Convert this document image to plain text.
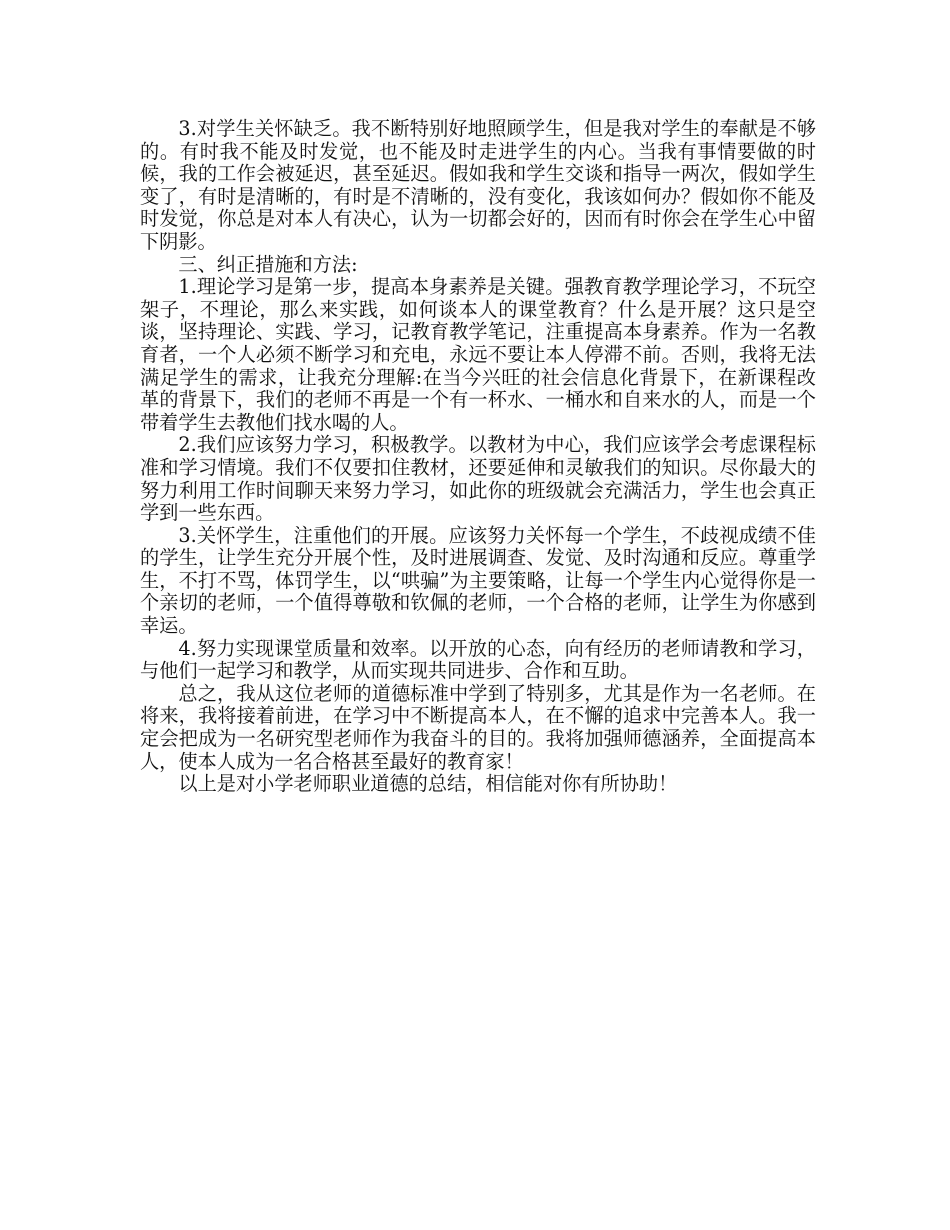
3.对学生关怀缺乏。我不断特别好地照顾学生，但是我对学生的奉献是不够的。有时我不能及时发觉，也不能及时走进学生的内心。当我有事情要做的时候，我的工作会被延迟，甚至延迟。假如我和学生交谈和指导一两次，假如学生变了，有时是清晰的，有时是不清晰的，没有变化，我该如何办？假如你不能及时发觉，你总是对本人有决心，认为一切都会好的，因而有时你会在学生心中留下阴影。

三、纠正措施和方法:

1.理论学习是第一步，提高本身素养是关键。强教育教学理论学习，不玩空架子，不理论，那么来实践，如何谈本人的课堂教育？什么是开展？这只是空谈，坚持理论、实践、学习，记教育教学笔记，注重提高本身素养。作为一名教育者，一个人必须不断学习和充电，永远不要让本人停滞不前。否则，我将无法满足学生的需求，让我充分理解:在当今兴旺的社会信息化背景下，在新课程改革的背景下，我们的老师不再是一个有一杯水、一桶水和自来水的人，而是一个带着学生去教他们找水喝的人。

2.我们应该努力学习，积极教学。以教材为中心，我们应该学会考虑课程标准和学习情境。我们不仅要扣住教材，还要延伸和灵敏我们的知识。尽你最大的努力利用工作时间聊天来努力学习，如此你的班级就会充满活力，学生也会真正学到一些东西。

3.关怀学生，注重他们的开展。应该努力关怀每一个学生，不歧视成绩不佳的学生，让学生充分开展个性，及时进展调查、发觉、及时沟通和反应。尊重学生，不打不骂，体罚学生，以“哄骗”为主要策略，让每一个学生内心觉得你是一个亲切的老师，一个值得尊敬和钦佩的老师，一个合格的老师，让学生为你感到幸运。

4.努力实现课堂质量和效率。以开放的心态，向有经历的老师请教和学习，与他们一起学习和教学，从而实现共同进步、合作和互助。

总之，我从这位老师的道德标准中学到了特别多，尤其是作为一名老师。在将来，我将接着前进，在学习中不断提高本人，在不懈的追求中完善本人。我一定会把成为一名研究型老师作为我奋斗的目的。我将加强师德涵养，全面提高本人，使本人成为一名合格甚至最好的教育家！

以上是对小学老师职业道德的总结，相信能对你有所协助！
